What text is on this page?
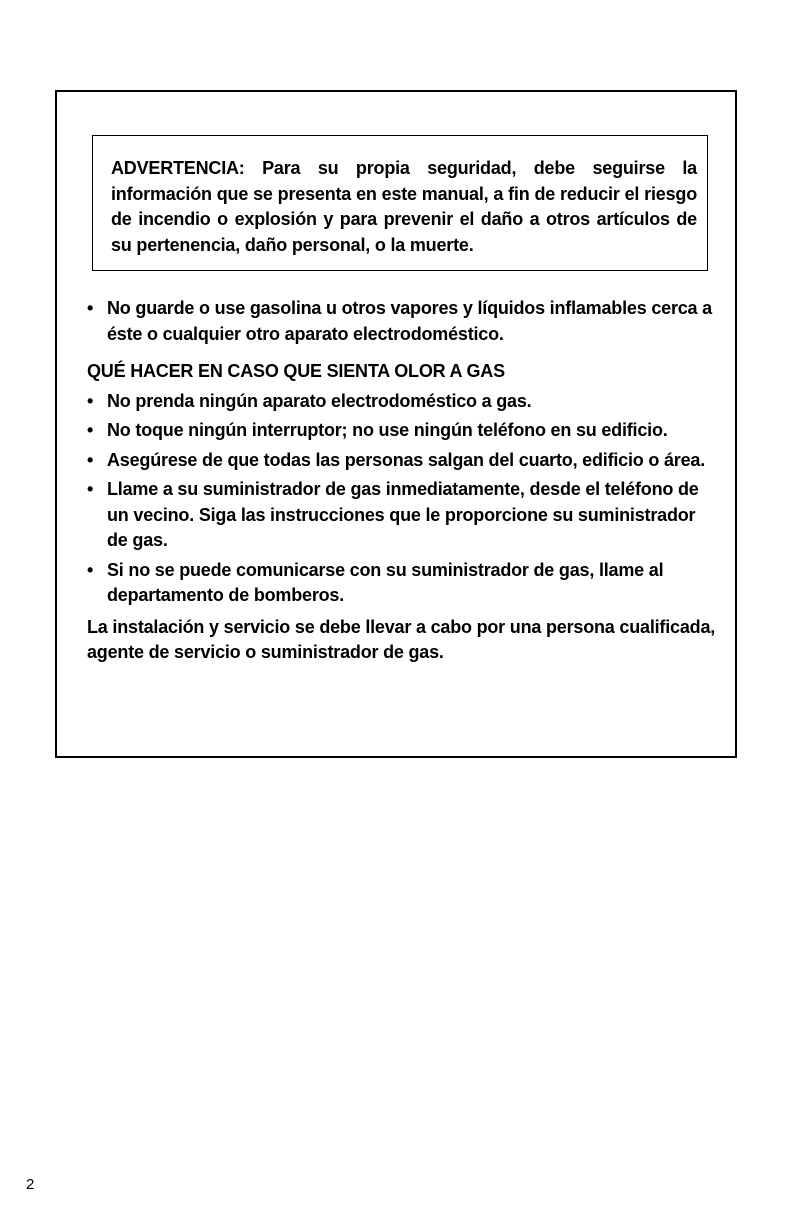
ADVERTENCIA: Para su propia seguridad, debe seguirse la información que se presenta en este manual, a fin de reducir el riesgo de incendio o explosión y para prevenir el daño a otros artículos de su pertenencia, daño personal, o la muerte.

• No guarde o use gasolina u otros vapores y líquidos inflamables cerca a éste o cualquier otro aparato electrodoméstico.
QUÉ HACER EN CASO QUE SIENTA OLOR A GAS
• No prenda ningún aparato electrodoméstico a gas.
• No toque ningún interruptor; no use ningún teléfono en su edificio.
• Asegúrese de que todas las personas salgan del cuarto, edificio o área.
• Llame a su suministrador de gas inmediatamente, desde el teléfono de un vecino. Siga las instrucciones que le proporcione su suministrador de gas.
• Si no se puede comunicarse con su suministrador de gas, llame al departamento de bomberos.

La instalación y servicio se debe llevar a cabo por una persona cualificada, agente de servicio o suministrador de gas.

2
